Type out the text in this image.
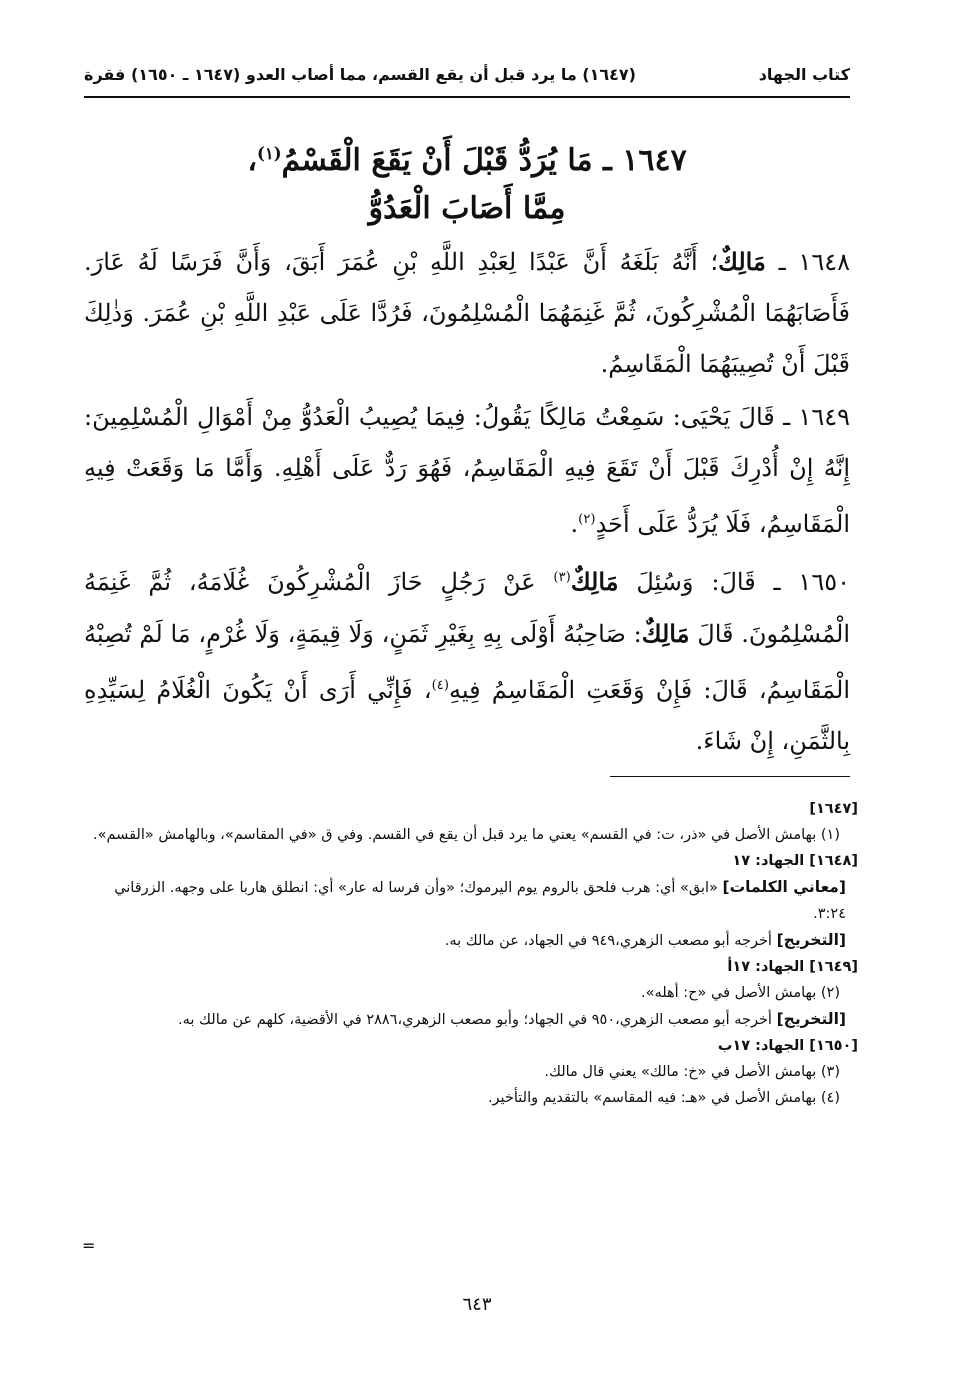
كتاب الجهاد
(١٦٤٧) ما يرد قبل أن يقع القسم، مما أصاب العدو (١٦٤٧ ـ ١٦٥٠) فقرة
١٦٤٧ ـ مَا يُرَدُّ قَبْلَ أَنْ يَقَعَ الْقَسْمُ$^{(١)}$،
مِمَّا أَصَابَ الْعَدُوُّ

١٦٤٨ ـ مَالِكٌ؛ أَنَّهُ بَلَغَهُ أَنَّ عَبْدًا لِعَبْدِ اللَّهِ بْنِ عُمَرَ أَبَقَ، وَأَنَّ فَرَسًا لَهُ عَارَ. فَأَصَابَهُمَا الْمُشْرِكُونَ، ثُمَّ غَنِمَهُمَا الْمُسْلِمُونَ، فَرُدَّا عَلَى عَبْدِ اللَّهِ بْنِ عُمَرَ. وَذٰلِكَ قَبْلَ أَنْ تُصِيبَهُمَا الْمَقَاسِمُ.

١٦٤٩ ـ قَالَ يَحْيَى: سَمِعْتُ مَالِكًا يَقُولُ: فِيمَا يُصِيبُ الْعَدُوُّ مِنْ أَمْوَالِ الْمُسْلِمِينَ: إِنَّهُ إِنْ أُدْرِكَ قَبْلَ أَنْ تَقَعَ فِيهِ الْمَقَاسِمُ، فَهُوَ رَدٌّ عَلَى أَهْلِهِ. وَأَمَّا مَا وَقَعَتْ فِيهِ الْمَقَاسِمُ، فَلَا يُرَدُّ عَلَى أَحَدٍ$^{(٢)}$.

١٦٥٠ ـ قَالَ: وَسُئِلَ مَالِكٌ$^{(٣)}$ عَنْ رَجُلٍ حَازَ الْمُشْرِكُونَ غُلَامَهُ، ثُمَّ غَنِمَهُ الْمُسْلِمُونَ. قَالَ مَالِكٌ: صَاحِبُهُ أَوْلَى بِهِ بِغَيْرِ ثَمَنٍ، وَلَا قِيمَةٍ، وَلَا غُرْمٍ، مَا لَمْ تُصِبْهُ الْمَقَاسِمُ، قَالَ: فَإِنْ وَقَعَتِ الْمَقَاسِمُ فِيهِ$^{(٤)}$، فَإِنِّي أَرَى أَنْ يَكُونَ الْغُلَامُ لِسَيِّدِهِ بِالثَّمَنِ، إِنْ شَاءَ.

[١٦٤٧]

(١) بهامش الأصل في «ذر، ت: في القسم» يعني ما يرد قبل أن يقع في القسم. وفي ق «في المقاسم»، وبالهامش «القسم».

[١٦٤٨] الجهاد: ١٧

[معاني الكلمات] «ابق» أي: هرب فلحق بالروم يوم اليرموك؛ «وأن فرسا له عار» أي: انطلق هاربا على وجهه. الزرقاني ٣:٢٤.

[التخريج] أخرجه أبو مصعب الزهري،٩٤٩ في الجهاد، عن مالك به.

[١٦٤٩] الجهاد: ١٧أ

(٢) بهامش الأصل في «ح: أهله».

[التخريج] أخرجه أبو مصعب الزهري،٩٥٠ في الجهاد؛ وأبو مصعب الزهري،٢٨٨٦ في الأقضية، كلهم عن مالك به.

[١٦٥٠] الجهاد: ١٧ب

(٣) بهامش الأصل في «خ: مالك» يعني قال مالك.

(٤) بهامش الأصل في «هـ: فيه المقاسم» بالتقديم والتأخير.

=
٦٤٣
